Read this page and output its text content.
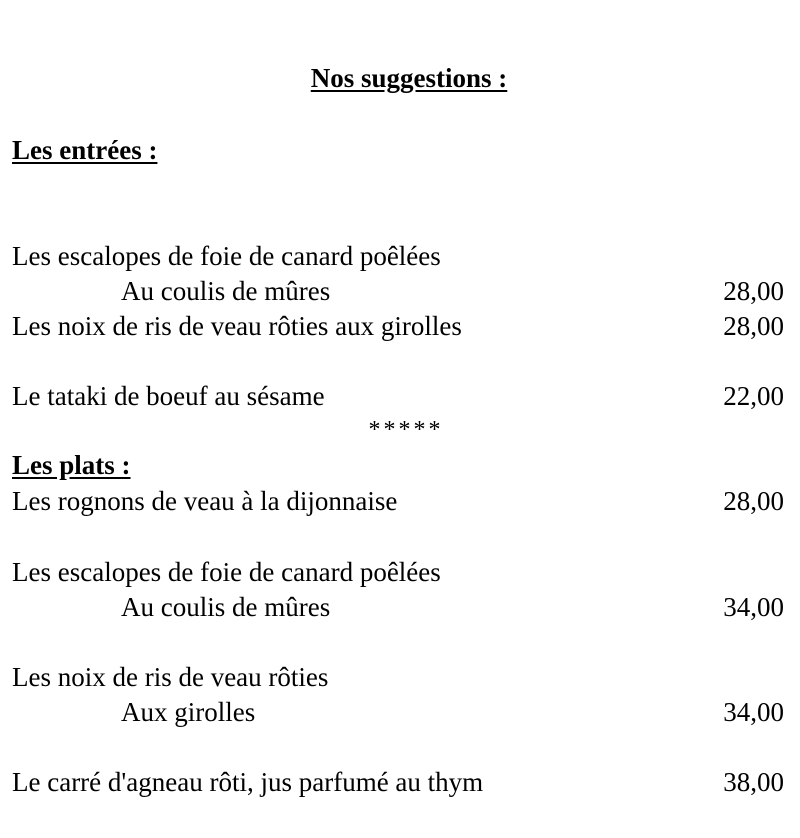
Nos suggestions :
Les entrées :
Les escalopes de foie de canard poêlées
Au coulis de mûres	28,00
Les noix de ris de veau rôties aux girolles	28,00
Le tataki de boeuf au sésame	22,00
*****
Les plats :
Les rognons de veau à la dijonnaise	28,00
Les escalopes de foie de canard poêlées
Au coulis de mûres	34,00
Les noix de ris de veau rôties
Aux girolles	34,00
Le carré d'agneau rôti, jus parfumé au thym	38,00
